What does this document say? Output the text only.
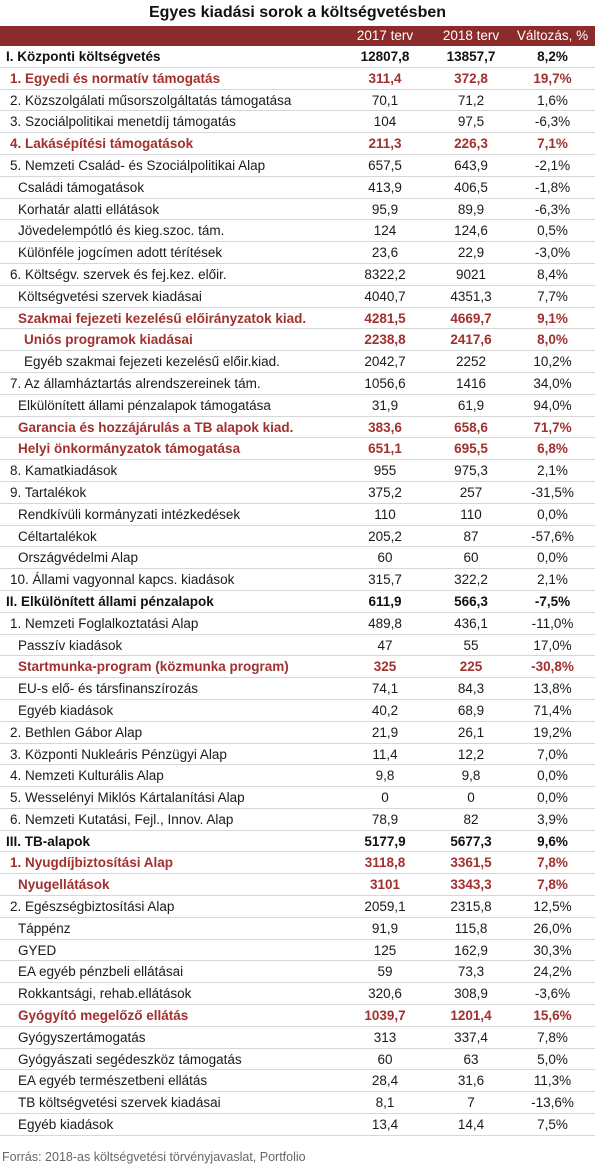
Egyes kiadási sorok a költségvetésben
2017 terv	2018 terv	Változás, %
I. Központi költségvetés	12807,8	13857,7	8,2%
1. Egyedi és normatív támogatás	311,4	372,8	19,7%
2. Közszolgálati műsorszolgáltatás támogatása	70,1	71,2	1,6%
3. Szociálpolitikai menetdíj támogatás	104	97,5	-6,3%
4. Lakásépítési támogatások	211,3	226,3	7,1%
5. Nemzeti Család- és Szociálpolitikai Alap	657,5	643,9	-2,1%
Családi támogatások	413,9	406,5	-1,8%
Korhatár alatti ellátások	95,9	89,9	-6,3%
Jövedelempótló és kieg.szoc. tám.	124	124,6	0,5%
Különféle jogcímen adott térítések	23,6	22,9	-3,0%
6. Költségv. szervek és fej.kez. előir.	8322,2	9021	8,4%
Költségvetési szervek kiadásai	4040,7	4351,3	7,7%
Szakmai fejezeti kezelésű előirányzatok kiad.	4281,5	4669,7	9,1%
Uniós programok kiadásai	2238,8	2417,6	8,0%
Egyéb szakmai fejezeti kezelésű előir.kiad.	2042,7	2252	10,2%
7. Az államháztartás alrendszereinek tám.	1056,6	1416	34,0%
Elkülönített állami pénzalapok támogatása	31,9	61,9	94,0%
Garancia és hozzájárulás a TB alapok kiad.	383,6	658,6	71,7%
Helyi önkormányzatok támogatása	651,1	695,5	6,8%
8. Kamatkiadások	955	975,3	2,1%
9. Tartalékok	375,2	257	-31,5%
Rendkívüli kormányzati intézkedések	110	110	0,0%
Céltartalékok	205,2	87	-57,6%
Országvédelmi Alap	60	60	0,0%
10. Állami vagyonnal kapcs. kiadások	315,7	322,2	2,1%
II. Elkülönített állami pénzalapok	611,9	566,3	-7,5%
1. Nemzeti Foglalkoztatási Alap	489,8	436,1	-11,0%
Passzív kiadások	47	55	17,0%
Startmunka-program (közmunka program)	325	225	-30,8%
EU-s elő- és társfinanszírozás	74,1	84,3	13,8%
Egyéb kiadások	40,2	68,9	71,4%
2. Bethlen Gábor Alap	21,9	26,1	19,2%
3. Központi Nukleáris Pénzügyi Alap	11,4	12,2	7,0%
4. Nemzeti Kulturális Alap	9,8	9,8	0,0%
5. Wesselényi Miklós Kártalanítási Alap	0	0	0,0%
6. Nemzeti Kutatási, Fejl., Innov. Alap	78,9	82	3,9%
III. TB-alapok	5177,9	5677,3	9,6%
1. Nyugdíjbiztosítási Alap	3118,8	3361,5	7,8%
Nyugellátások	3101	3343,3	7,8%
2. Egészségbiztosítási Alap	2059,1	2315,8	12,5%
Táppénz	91,9	115,8	26,0%
GYED	125	162,9	30,3%
EA egyéb pénzbeli ellátásai	59	73,3	24,2%
Rokkantsági, rehab.ellátások	320,6	308,9	-3,6%
Gyógyító megelőző ellátás	1039,7	1201,4	15,6%
Gyógyszertámogatás	313	337,4	7,8%
Gyógyászati segédeszköz támogatás	60	63	5,0%
EA egyéb természetbeni ellátás	28,4	31,6	11,3%
TB költségvetési szervek kiadásai	8,1	7	-13,6%
Egyéb kiadások	13,4	14,4	7,5%
Forrás: 2018-as költségvetési törvényjavaslat, Portfolio
